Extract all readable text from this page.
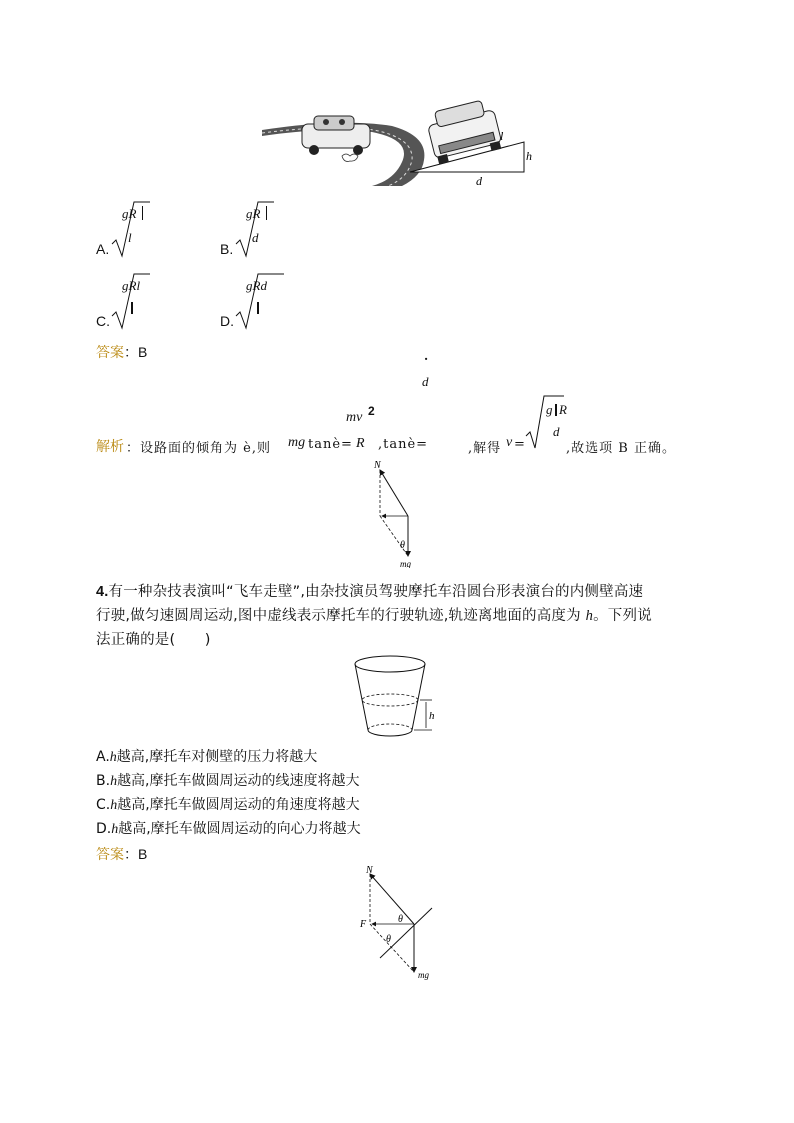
l
h
d
A.
gR
l
B.
gR
d
C.
gRl
D.
gRd
答案：B	·
d
解析 ：设路面的倾角为 è,则 mg tanè=
mv 2
R ,tanè=	,解得 v =
g R
d
,故选项 B 正确。
N
θ
mg
4.有一种杂技表演叫“飞车走壁”,由杂技演员驾驶摩托车沿圆台形表演台的内侧壁高速
行驶,做匀速圆周运动,图中虚线表示摩托车的行驶轨迹,轨迹离地面的高度为 h。下列说
法正确的是(　　)
h
A.h越高,摩托车对侧壁的压力将越大
B.h越高,摩托车做圆周运动的线速度将越大
C.h越高,摩托车做圆周运动的角速度将越大
D.h越高,摩托车做圆周运动的向心力将越大
答案：B
N
F	θ
θ
mg
